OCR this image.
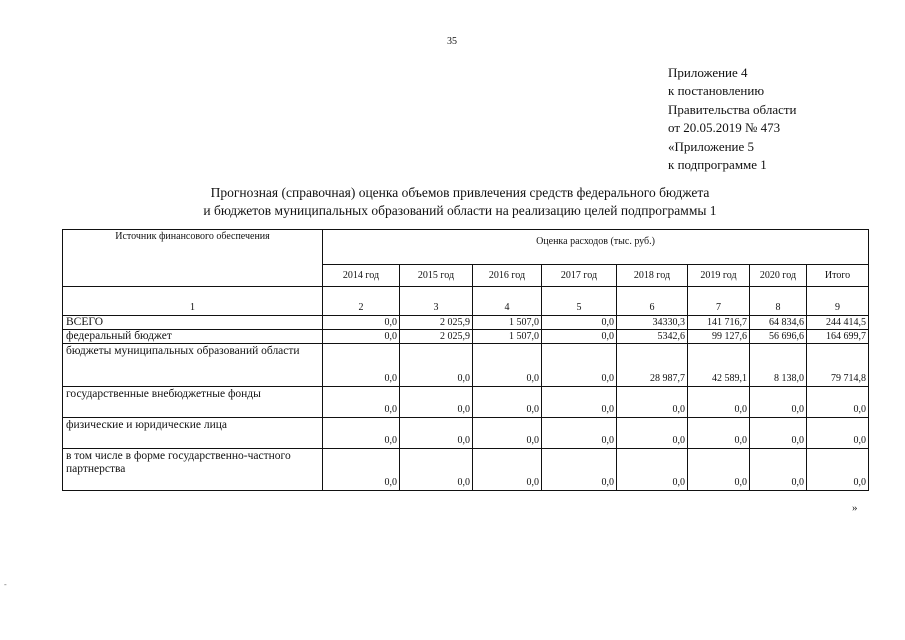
35
Приложение 4
к постановлению
Правительства области
от 20.05.2019 № 473
«Приложение 5
к подпрограмме 1
Прогнозная (справочная) оценка объемов привлечения средств федерального бюджета
и бюджетов муниципальных образований области на реализацию целей подпрограммы 1
Источник финансового обеспечения	Оценка расходов (тыс. руб.)							
	2014 год	2015 год	2016 год	2017 год	2018 год	2019 год	2020 год	Итого
1	2	3	4	5	6	7	8	9
ВСЕГО	0,0	2 025,9	1 507,0	0,0	34330,3	141 716,7	64 834,6	244 414,5
федеральный бюджет	0,0	2 025,9	1 507,0	0,0	5342,6	99 127,6	56 696,6	164 699,7
бюджеты муниципальных образований области	0,0	0,0	0,0	0,0	28 987,7	42 589,1	8 138,0	79 714,8
государственные внебюджетные фонды	0,0	0,0	0,0	0,0	0,0	0,0	0,0	0,0
физические и юридические лица	0,0	0,0	0,0	0,0	0,0	0,0	0,0	0,0
в том числе в форме государственно-частного партнерства	0,0	0,0	0,0	0,0	0,0	0,0	0,0	0,0
»
-
